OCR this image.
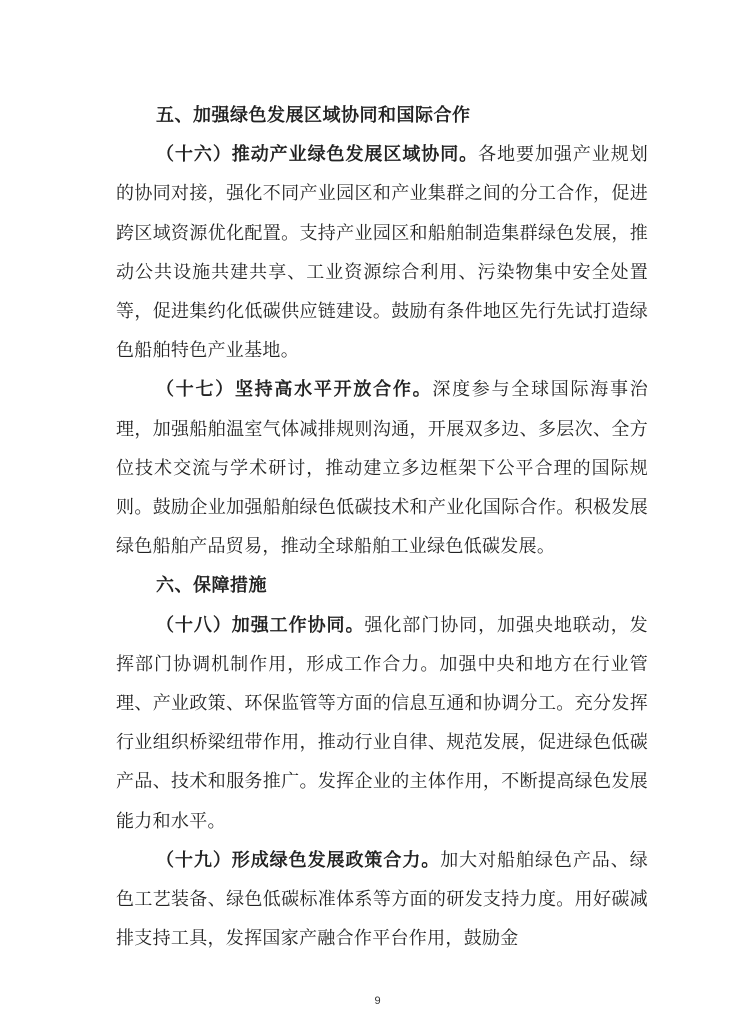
五、加强绿色发展区域协同和国际合作

（十六）推动产业绿色发展区域协同。各地要加强产业规划的协同对接，强化不同产业园区和产业集群之间的分工合作，促进跨区域资源优化配置。支持产业园区和船舶制造集群绿色发展，推动公共设施共建共享、工业资源综合利用、污染物集中安全处置等，促进集约化低碳供应链建设。鼓励有条件地区先行先试打造绿色船舶特色产业基地。

（十七）坚持高水平开放合作。深度参与全球国际海事治理，加强船舶温室气体减排规则沟通，开展双多边、多层次、全方位技术交流与学术研讨，推动建立多边框架下公平合理的国际规则。鼓励企业加强船舶绿色低碳技术和产业化国际合作。积极发展绿色船舶产品贸易，推动全球船舶工业绿色低碳发展。

六、保障措施

（十八）加强工作协同。强化部门协同，加强央地联动，发挥部门协调机制作用，形成工作合力。加强中央和地方在行业管理、产业政策、环保监管等方面的信息互通和协调分工。充分发挥行业组织桥梁纽带作用，推动行业自律、规范发展，促进绿色低碳产品、技术和服务推广。发挥企业的主体作用，不断提高绿色发展能力和水平。

（十九）形成绿色发展政策合力。加大对船舶绿色产品、绿色工艺装备、绿色低碳标准体系等方面的研发支持力度。用好碳减排支持工具，发挥国家产融合作平台作用，鼓励金

9
